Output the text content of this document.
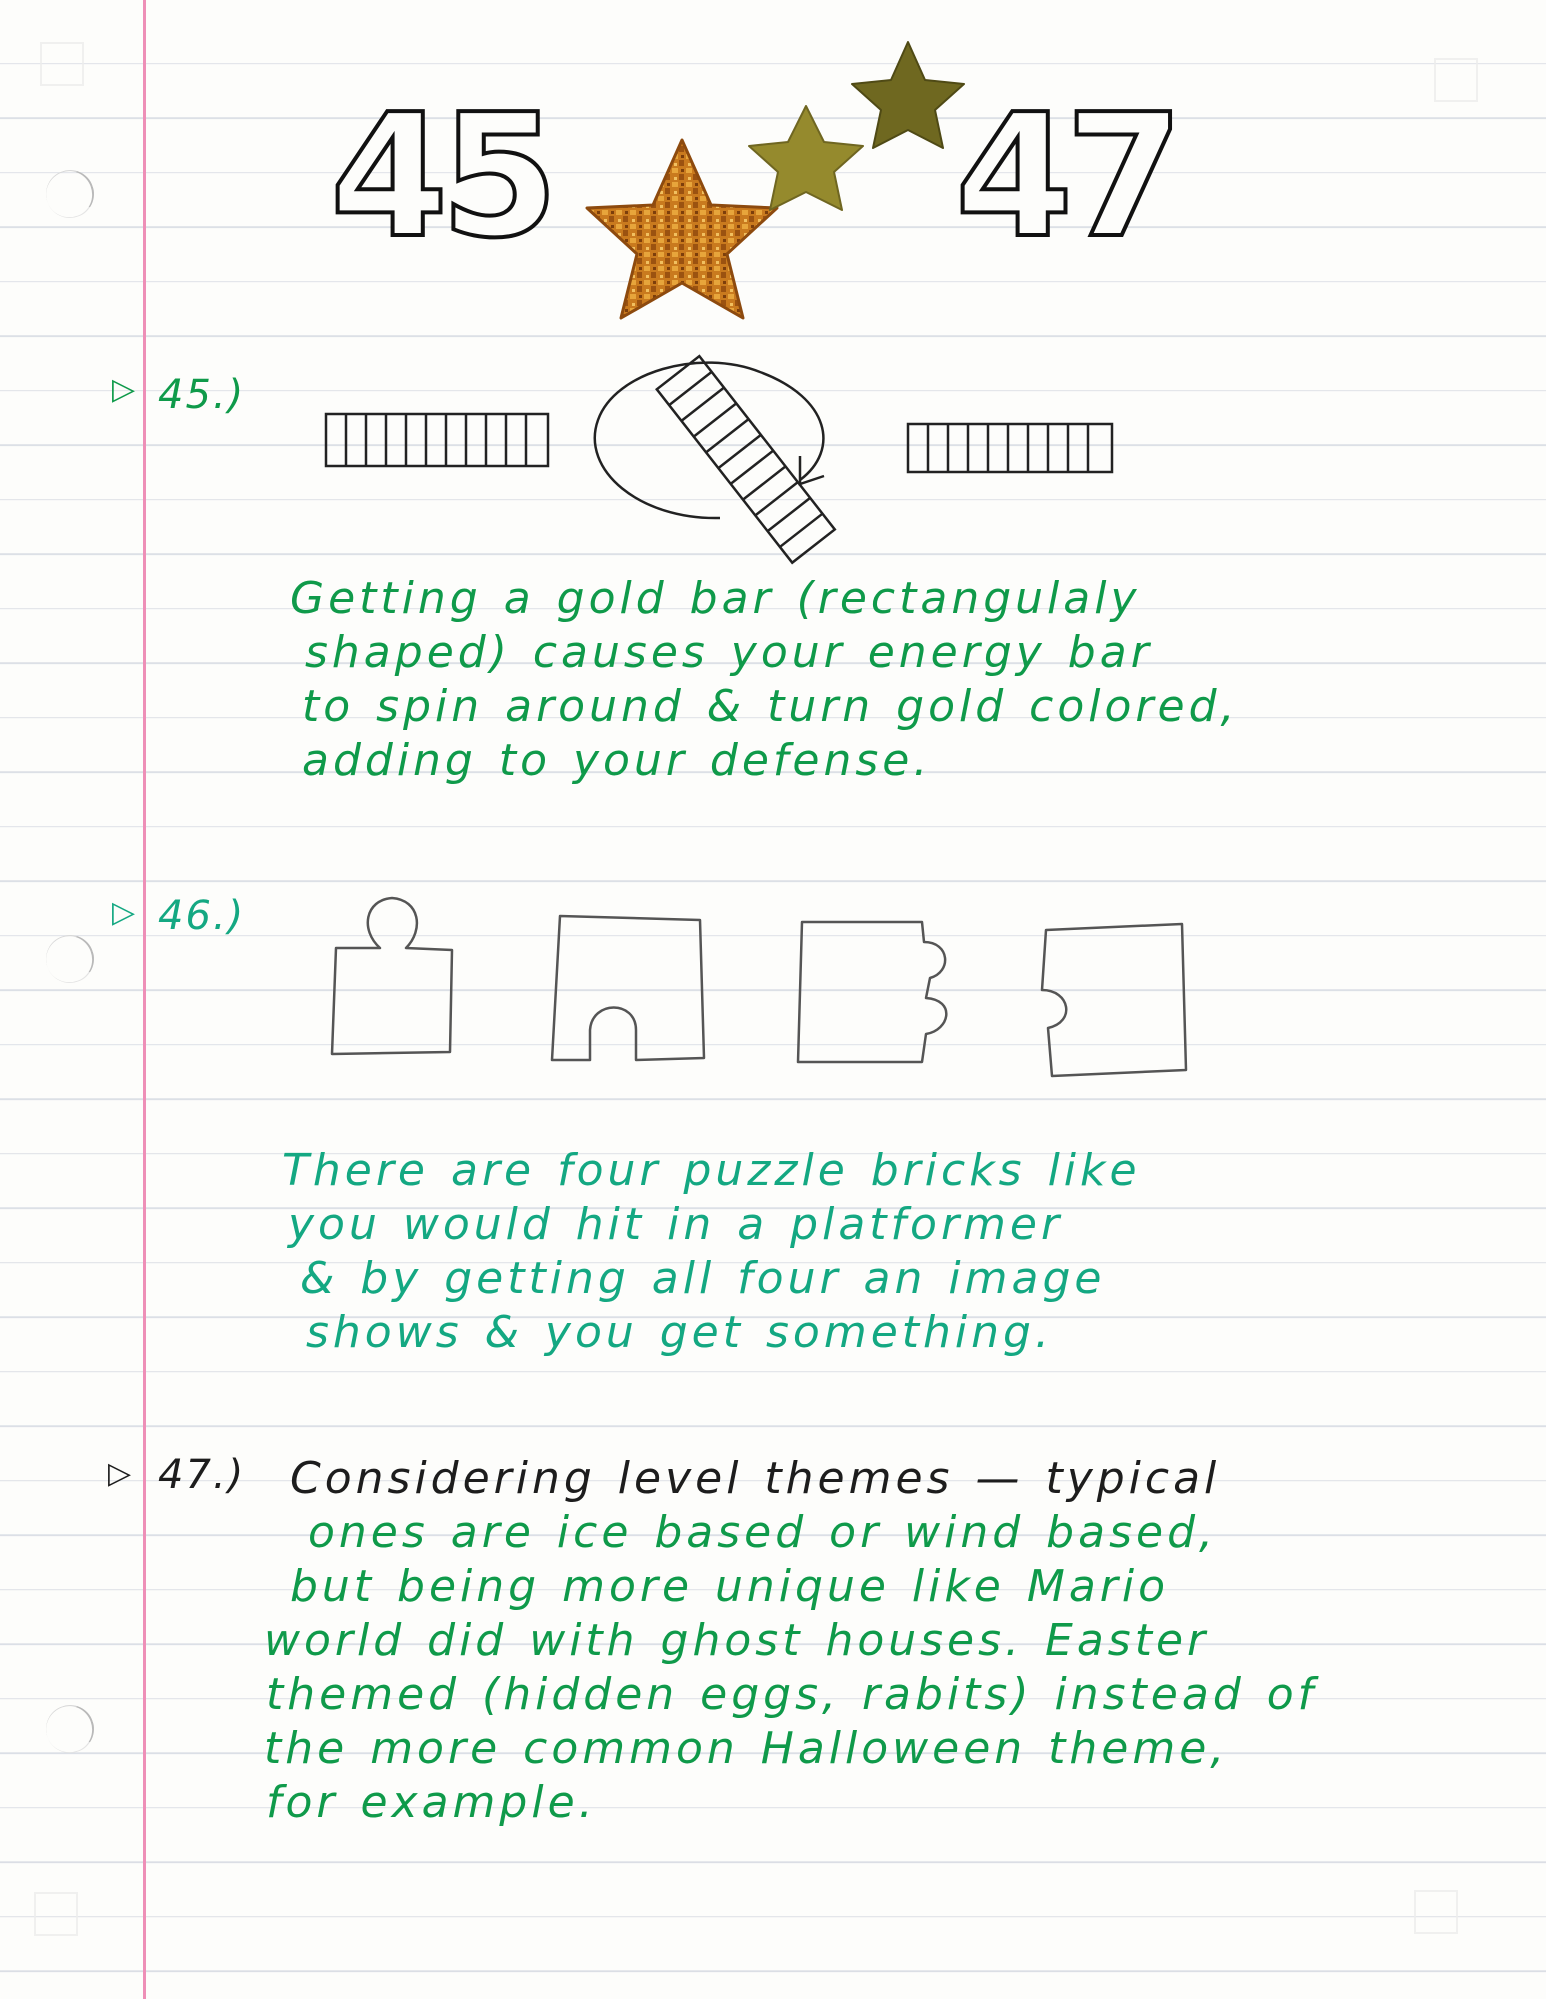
45 47
▷ 45.)
Getting a gold bar (rectangulaly
shaped) causes your energy bar
to spin around & turn gold colored,
adding to your defense.
▷ 46.)
There are four puzzle bricks like
you would hit in a platformer
& by getting all four an image
shows & you get something.
▷ 47.) Considering level themes — typical
ones are ice based or wind based,
but being more unique like Mario
world did with ghost houses. Easter
themed (hidden eggs, rabits) instead of
the more common Halloween theme,
for example.
